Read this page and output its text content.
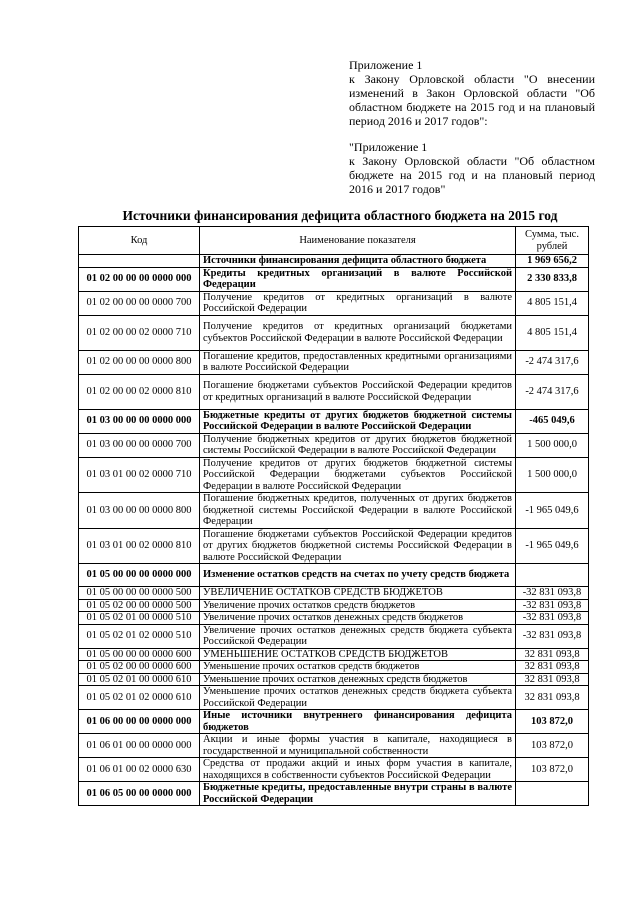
Приложение 1
к Закону Орловской области "О внесении изменений в Закон Орловской области "Об областном бюджете на 2015 год и на плановый период 2016 и 2017 годов":
"Приложение 1
к Закону Орловской области "Об областном бюджете на 2015 год и на плановый период 2016 и 2017 годов"
Источники финансирования дефицита областного бюджета на 2015 год
Код	Наименование показателя	Сумма, тыс. рублей
	Источники финансирования дефицита областного бюджета	1 969 656,2
01 02 00 00 00 0000 000	Кредиты кредитных организаций в валюте Российской Федерации	2 330 833,8
01 02 00 00 00 0000 700	Получение кредитов от кредитных организаций в валюте Российской Федерации	4 805 151,4
01 02 00 00 02 0000 710	Получение кредитов от кредитных организаций бюджетами субъектов Российской Федерации в валюте Российской Федерации	4 805 151,4
01 02 00 00 00 0000 800	Погашение кредитов, предоставленных кредитными организациями в валюте Российской Федерации	-2 474 317,6
01 02 00 00 02 0000 810	Погашение бюджетами субъектов Российской Федерации кредитов от кредитных организаций в валюте Российской Федерации	-2 474 317,6
01 03 00 00 00 0000 000	Бюджетные кредиты от других бюджетов бюджетной системы Российской Федерации в валюте Российской Федерации	-465 049,6
01 03 00 00 00 0000 700	Получение бюджетных кредитов от других бюджетов бюджетной системы Российской Федерации в валюте Российской Федерации	1 500 000,0
01 03 01 00 02 0000 710	Получение кредитов от других бюджетов бюджетной системы Российской Федерации бюджетами субъектов Российской Федерации в валюте Российской Федерации	1 500 000,0
01 03 00 00 00 0000 800	Погашение бюджетных кредитов, полученных от других бюджетов бюджетной системы Российской Федерации в валюте Российской Федерации	-1 965 049,6
01 03 01 00 02 0000 810	Погашение бюджетами субъектов Российской Федерации кредитов от других бюджетов бюджетной системы Российской Федерации в валюте Российской Федерации	-1 965 049,6
01 05 00 00 00 0000 000	Изменение остатков средств на счетах по учету средств бюджета	
01 05 00 00 00 0000 500	УВЕЛИЧЕНИЕ ОСТАТКОВ СРЕДСТВ БЮДЖЕТОВ	-32 831 093,8
01 05 02 00 00 0000 500	Увеличение прочих остатков средств бюджетов	-32 831 093,8
01 05 02 01 00 0000 510	Увеличение прочих остатков денежных средств бюджетов	-32 831 093,8
01 05 02 01 02 0000 510	Увеличение прочих остатков денежных средств бюджета субъекта Российской Федерации	-32 831 093,8
01 05 00 00 00 0000 600	УМЕНЬШЕНИЕ ОСТАТКОВ СРЕДСТВ БЮДЖЕТОВ	32 831 093,8
01 05 02 00 00 0000 600	Уменьшение прочих остатков средств бюджетов	32 831 093,8
01 05 02 01 00 0000 610	Уменьшение прочих остатков денежных средств бюджетов	32 831 093,8
01 05 02 01 02 0000 610	Уменьшение прочих остатков денежных средств бюджета субъекта Российской Федерации	32 831 093,8
01 06 00 00 00 0000 000	Иные источники внутреннего финансирования дефицита бюджетов	103 872,0
01 06 01 00 00 0000 000	Акции и иные формы участия в капитале, находящиеся в государственной и муниципальной собственности	103 872,0
01 06 01 00 02 0000 630	Средства от продажи акций и иных форм участия в капитале, находящихся в собственности субъектов Российской Федерации	103 872,0
01 06 05 00 00 0000 000	Бюджетные кредиты, предоставленные внутри страны в валюте Российской Федерации	
